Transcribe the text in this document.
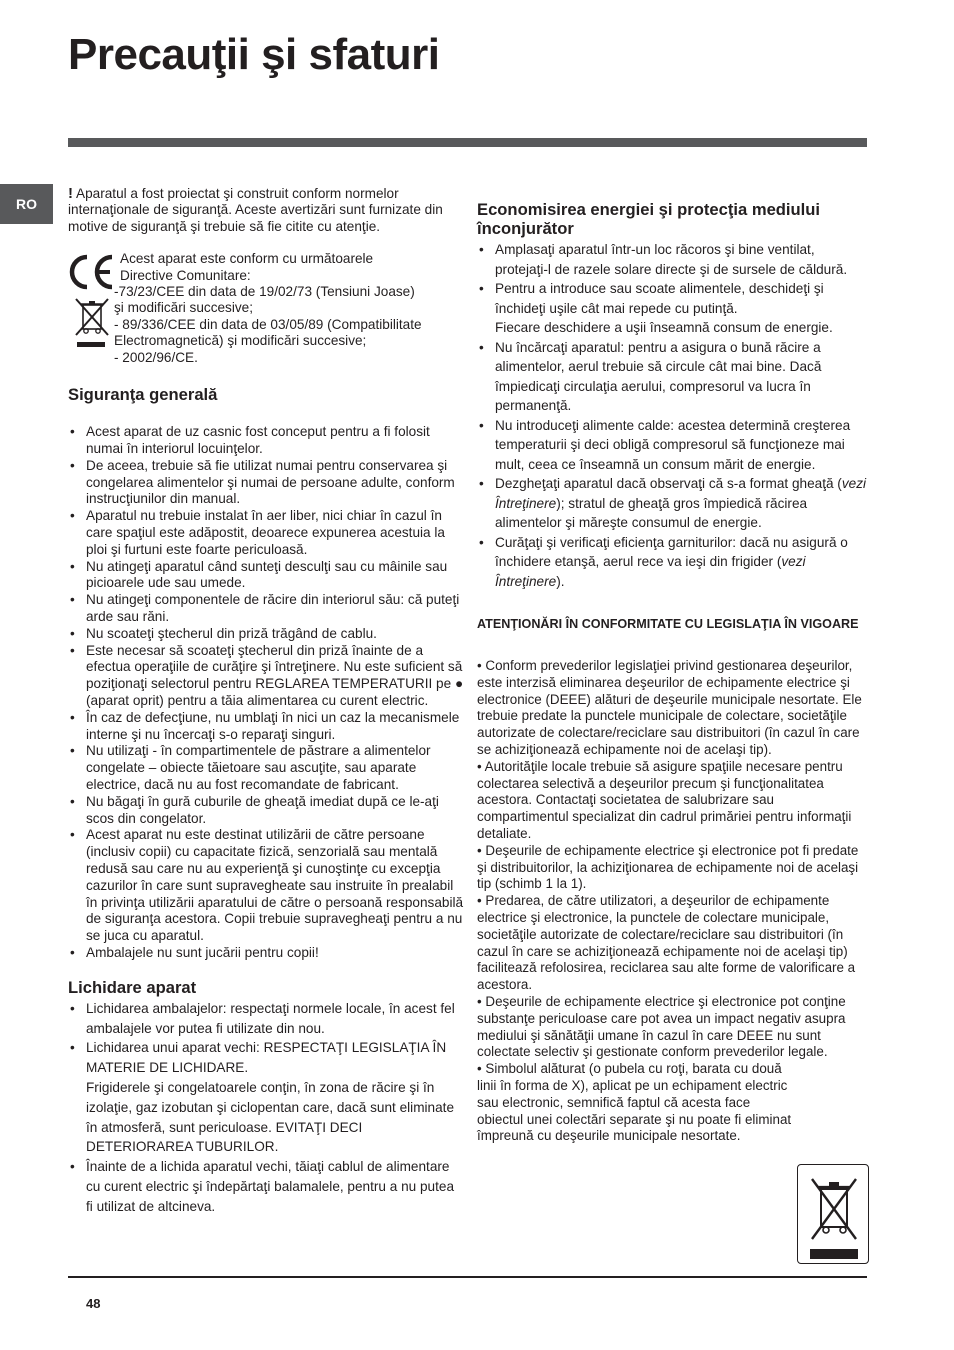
Precauţii şi sfaturi
RO

! Aparatul a fost proiectat şi construit conform normelor internaţionale de siguranţă. Aceste avertizări sunt furnizate din motive de siguranţă şi trebuie să fie citite cu atenţie.

Acest aparat este conform cu următoarele
Directive Comunitare:
-73/23/CEE din data de 19/02/73 (Tensiuni Joase)
şi modificări succesive;
- 89/336/CEE din data de 03/05/89 (Compatibilitate
Electromagnetică) şi modificări succesive;
- 2002/96/CE.
Siguranţa generală
• Acest aparat de uz casnic fost conceput pentru a fi folosit numai în interiorul locuinţelor.
• De aceea, trebuie să fie utilizat numai pentru conservarea şi congelarea alimentelor şi numai de persoane adulte, conform instrucţiunilor din manual.
• Aparatul nu trebuie instalat în aer liber, nici chiar în cazul în care spaţiul este adăpostit, deoarece expunerea acestuia la ploi şi furtuni este foarte periculoasă.
• Nu atingeţi aparatul când sunteţi desculţi sau cu mâinile sau picioarele ude sau umede.
• Nu atingeţi componentele de răcire din interiorul său: că puteţi arde sau răni.
• Nu scoateţi ştecherul din priză trăgând de cablu.
• Este necesar să scoateţi ştecherul din priză înainte de a efectua operaţiile de curăţire şi întreţinere. Nu este suficient să poziţionaţi selectorul pentru REGLAREA TEMPERATURII pe ● (aparat oprit) pentru a tăia alimentarea cu curent electric.
• În caz de defecţiune, nu umblaţi în nici un caz la mecanismele interne şi nu încercaţi s-o reparaţi singuri.
• Nu utilizaţi - în compartimentele de păstrare a alimentelor congelate – obiecte tăietoare sau ascuţite, sau aparate electrice, dacă nu au fost recomandate de fabricant.
• Nu băgaţi în gură cuburile de gheaţă imediat după ce le-aţi scos din congelator.
• Acest aparat nu este destinat utilizării de către persoane (inclusiv copii) cu capacitate fizică, senzorială sau mentală redusă sau care nu au experienţă şi cunoştinţe cu excepţia cazurilor în care sunt supravegheate sau instruite în prealabil în privinţa utilizării aparatului de către o persoană responsabilă de siguranţa acestora. Copii trebuie supravegheaţi pentru a nu se juca cu aparatul.
• Ambalajele nu sunt jucării pentru copii!
Lichidare aparat
• Lichidarea ambalajelor: respectaţi normele locale, în acest fel ambalajele vor putea fi utilizate din nou.
• Lichidarea unui aparat vechi: RESPECTAŢI LEGISLAŢIA ÎN MATERIE DE LICHIDARE.
Frigiderele şi congelatoarele conţin, în zona de răcire şi în izolaţie, gaz izobutan şi ciclopentan care, dacă sunt eliminate în atmosferă, sunt periculoase. EVITAŢI DECI DETERIORAREA TUBURILOR.
• Înainte de a lichida aparatul vechi, tăiaţi cablul de alimentare cu curent electric şi îndepărtaţi balamalele, pentru a nu putea fi utilizat de altcineva.
Economisirea energiei şi protecţia mediului înconjurător
• Amplasaţi aparatul într-un loc răcoros şi bine ventilat, protejaţi-l de razele solare directe şi de sursele de căldură.
• Pentru a introduce sau scoate alimentele, deschideţi şi închideţi uşile cât mai repede cu putinţă.
Fiecare deschidere a uşii înseamnă consum de energie.
• Nu încărcaţi aparatul: pentru a asigura o bună răcire a alimentelor, aerul trebuie să circule cât mai bine. Dacă împiedicaţi circulaţia aerului, compresorul va lucra în permanenţă.
• Nu introduceţi alimente calde: acestea determină creşterea temperaturii şi deci obligă compresorul să funcţioneze mai mult, ceea ce înseamnă un consum mărit de energie.
• Dezgheţaţi aparatul dacă observaţi că s-a format gheaţă (vezi Întreţinere); stratul de gheaţă gros împiedică răcirea alimentelor şi măreşte consumul de energie.
• Curăţaţi şi verificaţi eficienţa garniturilor: dacă nu asigură o închidere etanşă, aerul rece va ieşi din frigider (vezi Întreţinere).
ATENŢIONĂRI ÎN CONFORMITATE CU LEGISLAŢIA ÎN VIGOARE

• Conform prevederilor legislaţiei privind gestionarea deşeurilor, este interzisă eliminarea deşeurilor de echipamente electrice şi electronice (DEEE) alături de deşeurile municipale nesortate. Ele trebuie predate la punctele municipale de colectare, societăţile autorizate de colectare/reciclare sau distribuitori (în cazul în care se achiziţionează echipamente noi de acelaşi tip).

• Autorităţile locale trebuie să asigure spaţiile necesare pentru colectarea selectivă a deşeurilor precum şi funcţionalitatea acestora. Contactaţi societatea de salubrizare sau compartimentul specializat din cadrul primăriei pentru informaţii detaliate.

• Deşeurile de echipamente electrice şi electronice pot fi predate şi distribuitorilor, la achiziţionarea de echipamente noi de acelaşi tip (schimb 1 la 1).

• Predarea, de către utilizatori, a deşeurilor de echipamente electrice şi electronice, la punctele de colectare municipale, societăţile autorizate de colectare/reciclare sau distribuitori (în cazul în care se achiziţionează echipamente noi de acelaşi tip) facilitează refolosirea, reciclarea sau alte forme de valorificare a acestora.

• Deşeurile de echipamente electrice şi electronice pot conţine substanţe periculoase care pot avea un impact negativ asupra mediului şi sănătăţii umane în cazul în care DEEE nu sunt colectate selectiv şi gestionate conform prevederilor legale.

• Simbolul alăturat (o pubela cu roţi, barata cu două linii în forma de X), aplicat pe un echipament electric sau electronic, semnifică faptul că acesta face obiectul unei colectări separate şi nu poate fi eliminat împreună cu deşeurile municipale nesortate.

48
